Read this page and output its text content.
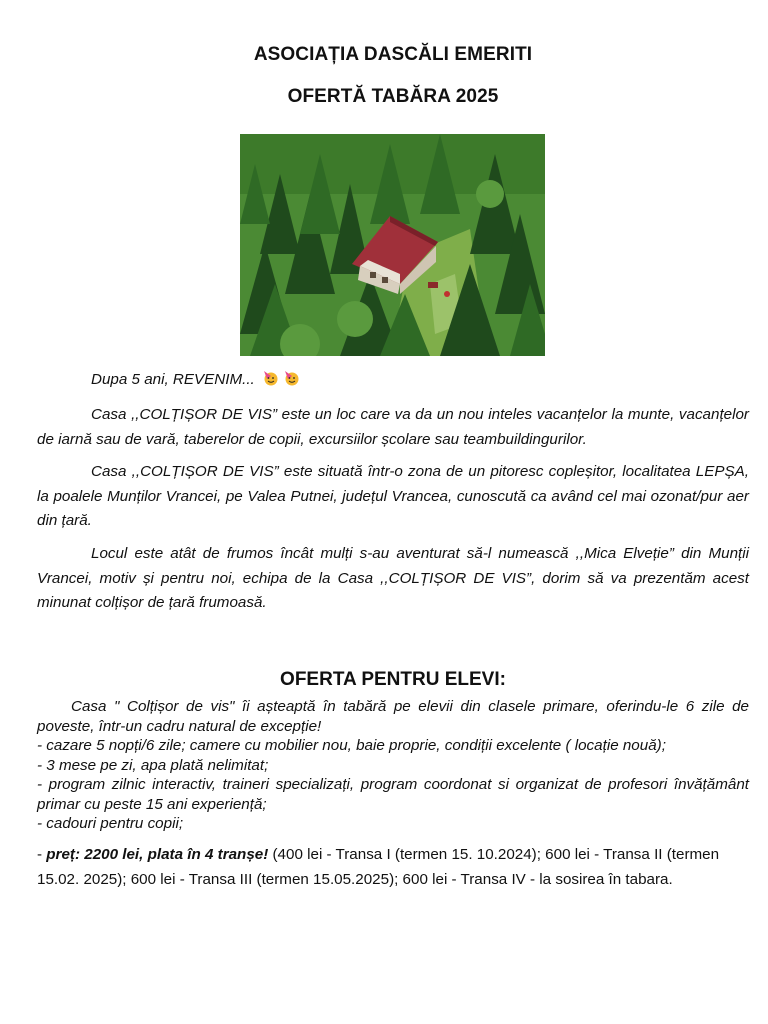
ASOCIAȚIA DASCĂLI EMERITI
OFERTĂ TABĂRA 2025

Dupa 5 ani, REVENIM...

Casa ,,COLȚIȘOR DE VIS” este un loc care va da un nou inteles vacanțelor la munte, vacanțelor de iarnă sau de vară, taberelor de copii, excursiilor școlare sau teambuildingurilor.

Casa ,,COLȚIȘOR DE VIS” este situată într-o zona de un pitoresc copleșitor, localitatea LEPȘA, la poalele Munților Vrancei, pe Valea Putnei, județul Vrancea, cunoscută ca având cel mai ozonat/pur aer din țară.

Locul este atât de frumos încât mulți s-au aventurat să-l numească ,,Mica Elveție” din Munții Vrancei, motiv și pentru noi, echipa de la Casa ,,COLȚIȘOR DE VIS”, dorim să va prezentăm acest minunat colțișor de țară frumoasă.

OFERTA PENTRU ELEVI:

Casa " Colțișor de vis" îi așteaptă în tabără pe elevii din clasele primare, oferindu-le 6 zile de poveste, într-un cadru natural de excepție!
- cazare 5 nopți/6 zile; camere cu mobilier nou, baie proprie, condiții excelente ( locație nouă);
- 3 mese pe zi, apa plată nelimitat;
- program zilnic interactiv, traineri specializați, program coordonat si organizat de profesori învățământ primar cu peste 15 ani experiență;
- cadouri pentru copii;

- preț: 2200 lei, plata în 4 tranșe! (400 lei - Transa I (termen 15. 10.2024); 600 lei - Transa II (termen 15.02. 2025); 600 lei - Transa III (termen 15.05.2025); 600 lei - Transa IV - la sosirea în tabara.
